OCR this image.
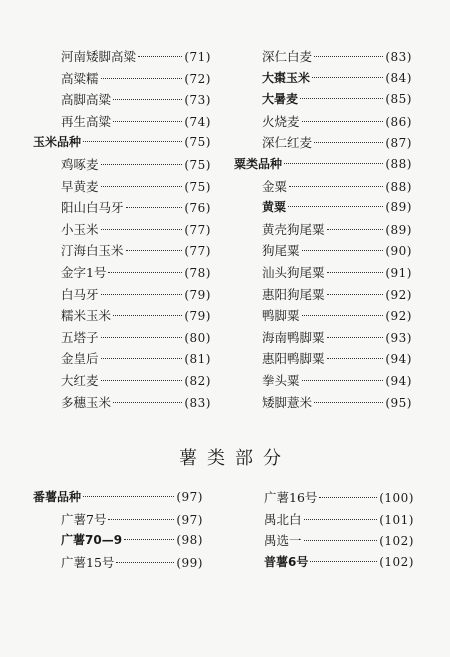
河南矮脚高粱	(71)
高粱糯	(72)
高脚高粱	(73)
再生高粱	(74)
玉米品种	(75)
鸡啄麦	(75)
早黄麦	(75)
阳山白马牙	(76)
小玉米	(77)
汀海白玉米	(77)
金字1号	(78)
白马牙	(79)
糯米玉米	(79)
五塔子	(80)
金皇后	(81)
大红麦	(82)
多穗玉米	(83)
深仁白麦	(83)
大棗玉米	(84)
大暑麦	(85)
火烧麦	(86)
深仁红麦	(87)
粟类品种	(88)
金粟	(88)
黄粟	(89)
黄壳狗尾粟	(89)
狗尾粟	(90)
汕头狗尾粟	(91)
惠阳狗尾粟	(92)
鸭脚粟	(92)
海南鸭脚粟	(93)
惠阳鸭脚粟	(94)
拳头粟	(94)
矮脚薏米	(95)
薯类部分
番薯品种	(97)
广薯7号	(97)
广薯70—9	(98)
广薯15号	(99)
广薯16号	(100)
禺北白	(101)
禺选一	(102)
普薯6号	(102)
